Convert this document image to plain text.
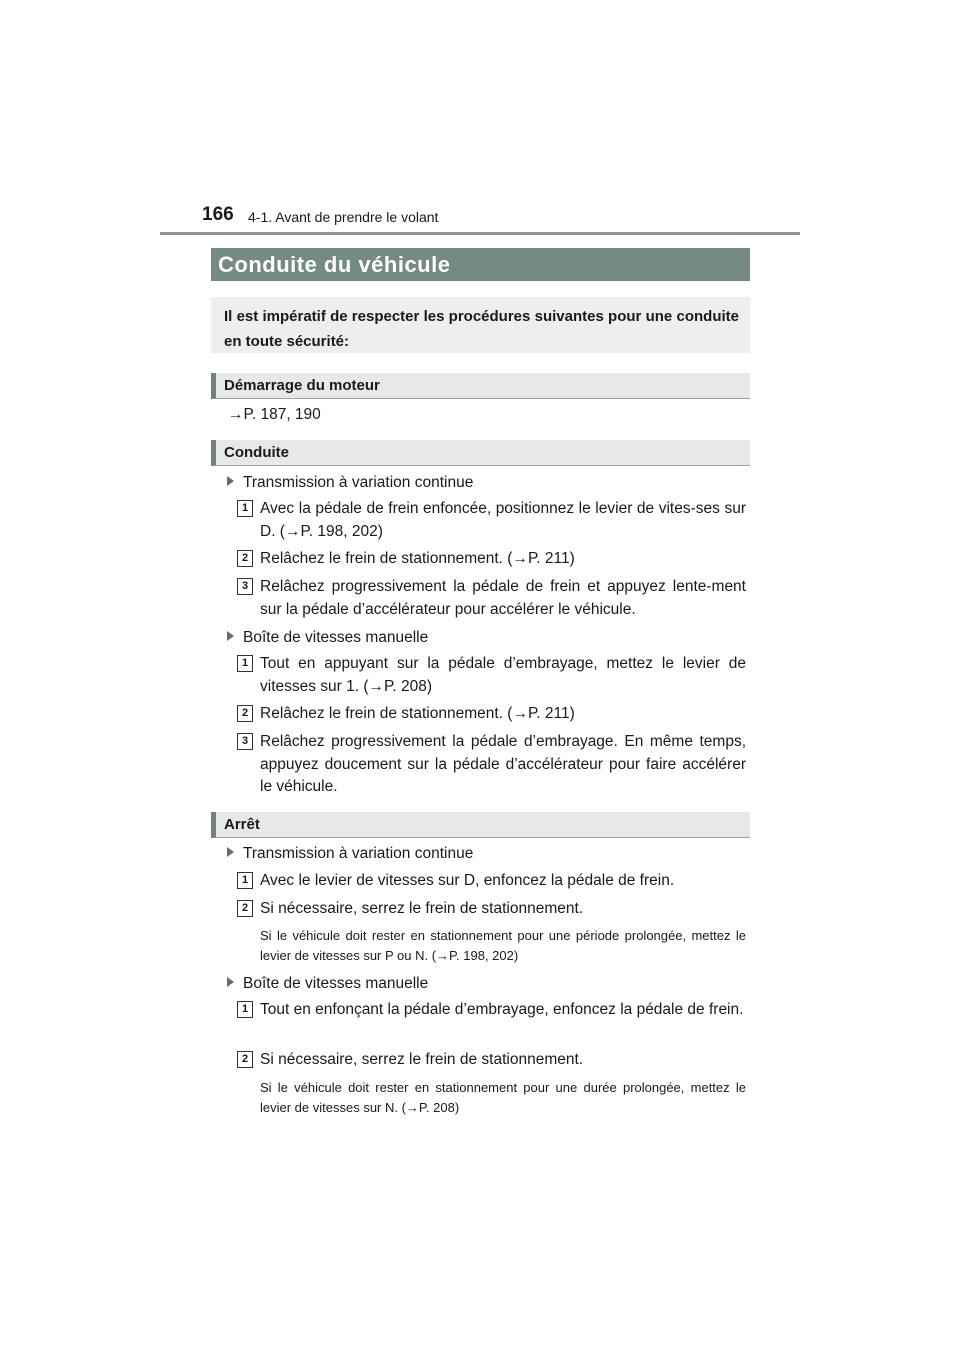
166 4-1. Avant de prendre le volant
Conduite du véhicule
Il est impératif de respecter les procédures suivantes pour une conduite en toute sécurité:
Démarrage du moteur
→P. 187, 190
Conduite
Transmission à variation continue
1 Avec la pédale de frein enfoncée, positionnez le levier de vites-ses sur D. (→P. 198, 202)
2 Relâchez le frein de stationnement. (→P. 211)
3 Relâchez progressivement la pédale de frein et appuyez lente-ment sur la pédale d’accélérateur pour accélérer le véhicule.
Boîte de vitesses manuelle
1 Tout en appuyant sur la pédale d’embrayage, mettez le levier de vitesses sur 1. (→P. 208)
2 Relâchez le frein de stationnement. (→P. 211)
3 Relâchez progressivement la pédale d’embrayage. En même temps, appuyez doucement sur la pédale d’accélérateur pour faire accélérer le véhicule.
Arrêt
Transmission à variation continue
1 Avec le levier de vitesses sur D, enfoncez la pédale de frein.
2 Si nécessaire, serrez le frein de stationnement.
Si le véhicule doit rester en stationnement pour une période prolongée, mettez le levier de vitesses sur P ou N. (→P. 198, 202)
Boîte de vitesses manuelle
1 Tout en enfonçant la pédale d’embrayage, enfoncez la pédale de frein.
2 Si nécessaire, serrez le frein de stationnement.
Si le véhicule doit rester en stationnement pour une durée prolongée, mettez le levier de vitesses sur N. (→P. 208)
